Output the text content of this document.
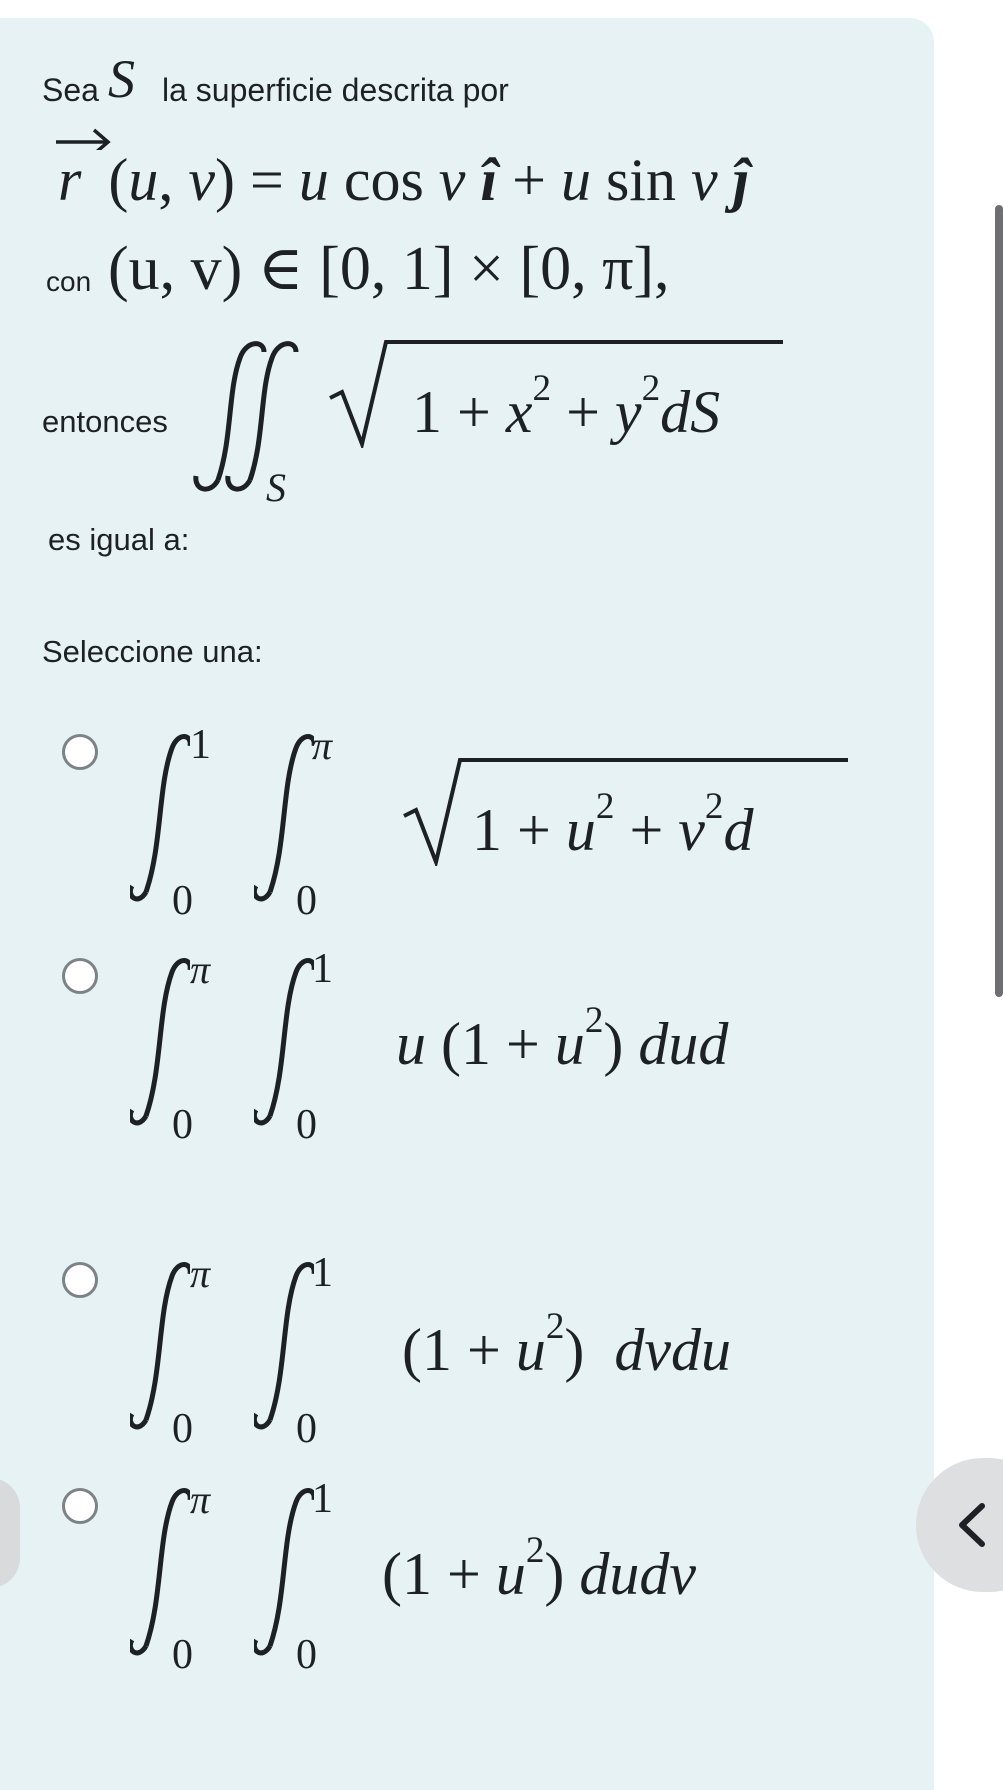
Sea S la superficie descrita por
r (u, v) = u cos v î + u sin v ĵ
con (u, v) ∈ [0, 1] × [0, π],
entonces
S
$1 + x^2 + y^2dS$
es igual a:
Seleccione una:
1
0
π
0
$1 + u^2 + v^2d$
π
0
1
0
u $(1 + u^2)$ dud
π
0
1
0
$(1 + u^2)$  dvdu
π
0
1
0
$(1 + u^2)$ dudv
